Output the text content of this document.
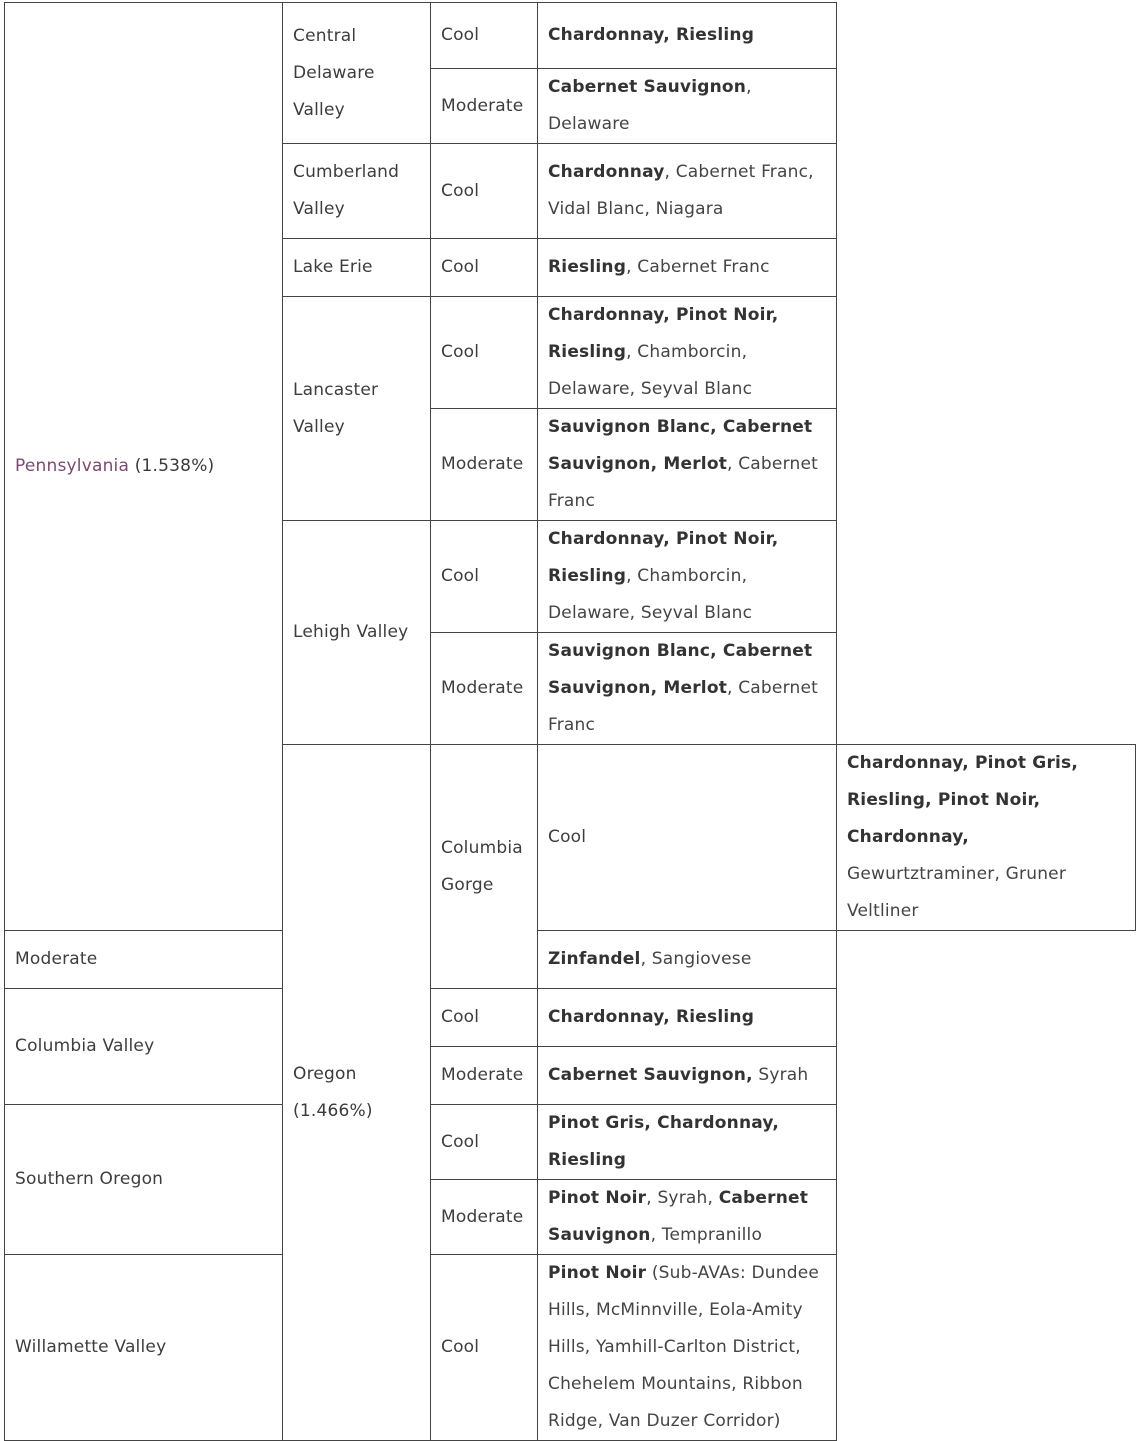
Pennsylvania (1.538%)	Central Delaware Valley	Cool	Chardonnay, Riesling	
		Moderate	Cabernet Sauvignon, Delaware	
	Cumberland Valley	Cool	Chardonnay, Cabernet Franc, Vidal Blanc, Niagara	
	Lake Erie	Cool	Riesling, Cabernet Franc	
	Lancaster Valley	Cool	Chardonnay, Pinot Noir, Riesling, Chamborcin, Delaware, Seyval Blanc	
		Moderate	Sauvignon Blanc, Cabernet Sauvignon, Merlot, Cabernet Franc	
	Lehigh Valley	Cool	Chardonnay, Pinot Noir, Riesling, Chamborcin, Delaware, Seyval Blanc	
		Moderate	Sauvignon Blanc, Cabernet Sauvignon, Merlot, Cabernet Franc	
	Oregon (1.466%)	Columbia Gorge	Cool	Chardonnay, Pinot Gris, Riesling, Pinot Noir, Chardonnay, Gewurtztraminer, Gruner Veltliner
Moderate			Zinfandel, Sangiovese	
Columbia Valley		Cool	Chardonnay, Riesling	
		Moderate	Cabernet Sauvignon, Syrah	
Southern Oregon		Cool	Pinot Gris, Chardonnay, Riesling	
		Moderate	Pinot Noir, Syrah, Cabernet Sauvignon, Tempranillo	
Willamette Valley		Cool	Pinot Noir (Sub-AVAs: Dundee Hills, McMinnville, Eola-Amity Hills, Yamhill-Carlton District, Chehelem Mountains, Ribbon Ridge, Van Duzer Corridor)	
